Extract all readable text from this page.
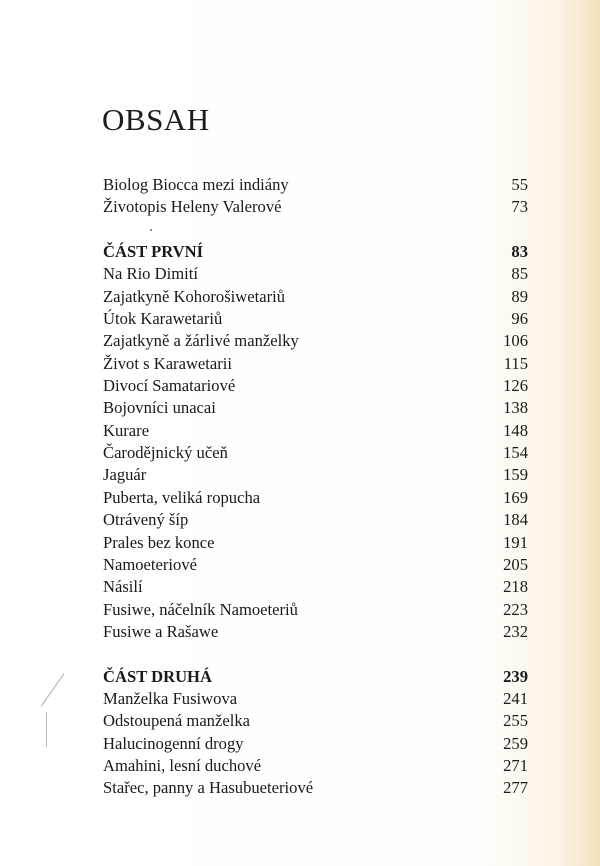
OBSAH
Biolog Biocca mezi indiány	55
Životopis Heleny Valerové	73
ČÁST PRVNÍ	83
Na Rio Dimití	85
Zajatkyně Kohorošiwetariů	89
Útok Karawetariů	96
Zajatkyně a žárlivé manželky	106
Život s Karawetarii	115
Divocí Samatariové	126
Bojovníci unacai	138
Kurare	148
Čarodějnický učeň	154
Jaguár	159
Puberta, veliká ropucha	169
Otrávený šíp	184
Prales bez konce	191
Namoeteriové	205
Násilí	218
Fusiwe, náčelník Namoeteriů	223
Fusiwe a Rašawe	232
ČÁST DRUHÁ	239
Manželka Fusiwova	241
Odstoupená manželka	255
Halucinogenní drogy	259
Amahini, lesní duchové	271
Stařec, panny a Hasubueteriové	277
